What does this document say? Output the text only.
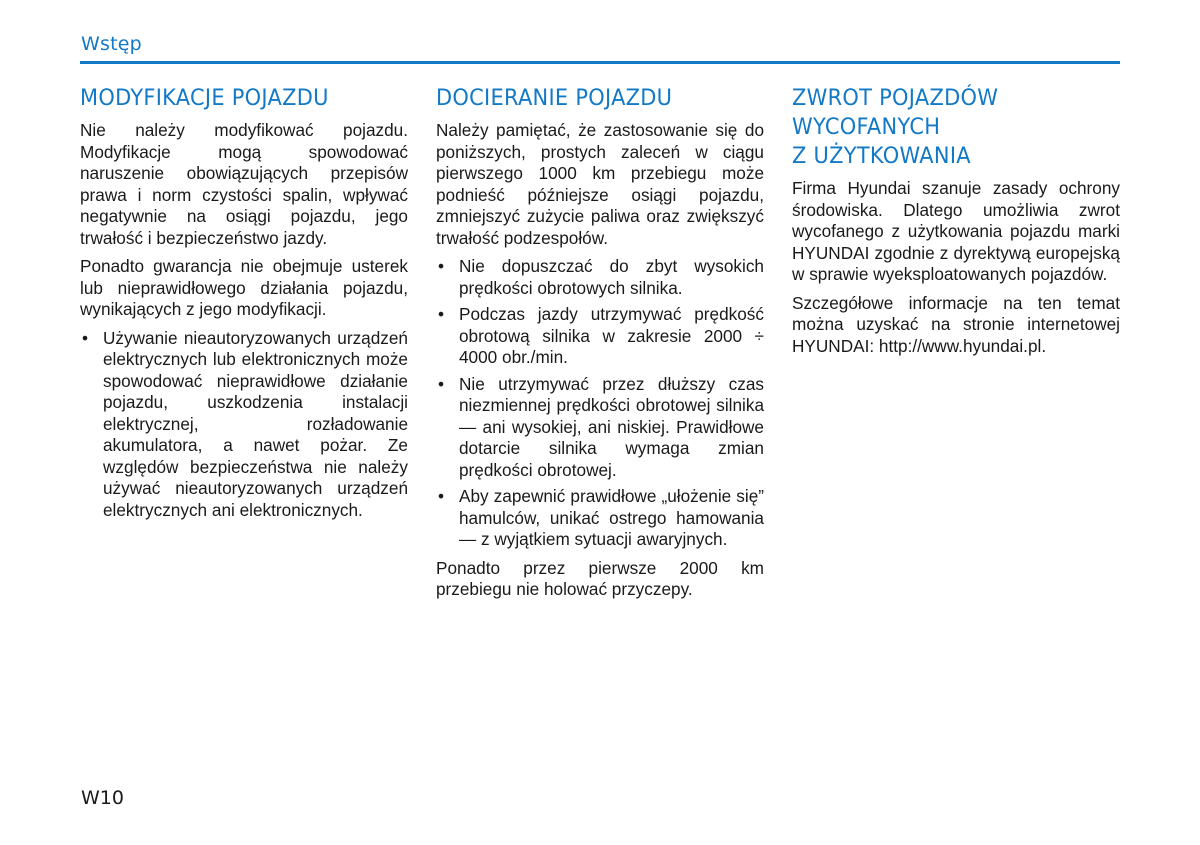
Wstęp
MODYFIKACJE POJAZDU

Nie należy modyfikować pojazdu. Modyfikacje mogą spowodować naruszenie obowiązujących przepisów prawa i norm czystości spalin, wpływać negatywnie na osiągi pojazdu, jego trwałość i bezpieczeństwo jazdy.

Ponadto gwarancja nie obejmuje usterek lub nieprawidłowego działania pojazdu, wynikających z jego modyfikacji.

• Używanie nieautoryzowanych urządzeń elektrycznych lub elektronicznych może spowodować nieprawidłowe działanie pojazdu, uszkodzenia instalacji elektrycznej, rozładowanie akumulatora, a nawet pożar. Ze względów bezpieczeństwa nie należy używać nieautoryzowanych urządzeń elektrycznych ani elektronicznych.
DOCIERANIE POJAZDU

Należy pamiętać, że zastosowanie się do poniższych, prostych zaleceń w ciągu pierwszego 1000 km przebiegu może podnieść późniejsze osiągi pojazdu, zmniejszyć zużycie paliwa oraz zwiększyć trwałość podzespołów.

• Nie dopuszczać do zbyt wysokich prędkości obrotowych silnika.
• Podczas jazdy utrzymywać prędkość obrotową silnika w zakresie 2000 ÷ 4000 obr./min.
• Nie utrzymywać przez dłuższy czas niezmiennej prędkości obrotowej silnika — ani wysokiej, ani niskiej. Prawidłowe dotarcie silnika wymaga zmian prędkości obrotowej.
• Aby zapewnić prawidłowe „ułożenie się” hamulców, unikać ostrego hamowania — z wyjątkiem sytuacji awaryjnych.

Ponadto przez pierwsze 2000 km przebiegu nie holować przyczepy.

ZWROT POJAZDÓW
WYCOFANYCH
Z UŻYTKOWANIA

Firma Hyundai szanuje zasady ochrony środowiska. Dlatego umożliwia zwrot wycofanego z użytkowania pojazdu marki HYUNDAI zgodnie z dyrektywą europejską w sprawie wyeksploatowanych pojazdów.

Szczegółowe informacje na ten temat można uzyskać na stronie internetowej HYUNDAI: http://www.hyundai.pl.

W10
